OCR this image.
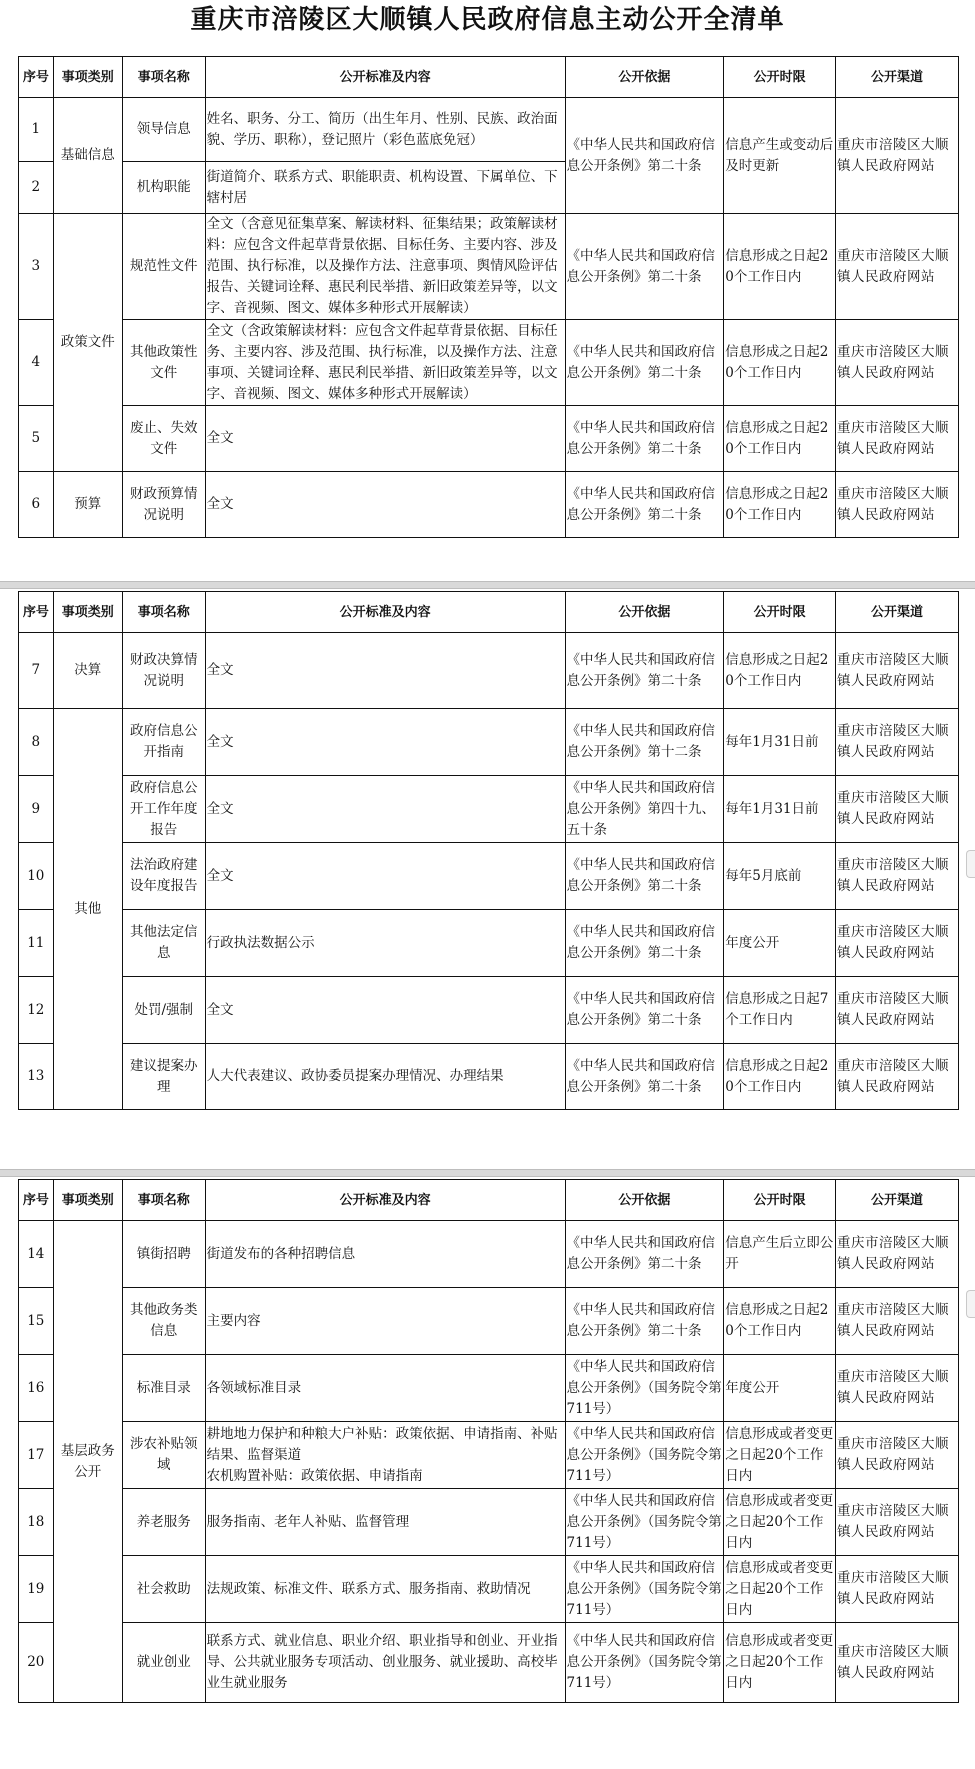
重庆市涪陵区大顺镇人民政府信息主动公开全清单
序号	事项类别	事项名称	公开标准及内容	公开依据	公开时限	公开渠道
1	基础信息	领导信息	姓名、职务、分工、简历（出生年月、性别、民族、政治面貌、学历、职称），登记照片（彩色蓝底免冠）	《中华人民共和国政府信息公开条例》第二十条	信息产生或变动后及时更新	重庆市涪陵区大顺镇人民政府网站
2		机构职能	街道简介、联系方式、职能职责、机构设置、下属单位、下辖村居			
3	政策文件	规范性文件	全文（含意见征集草案、解读材料、征集结果；政策解读材料：应包含文件起草背景依据、目标任务、主要内容、涉及范围、执行标准，以及操作方法、注意事项、舆情风险评估报告、关键词诠释、惠民利民举措、新旧政策差异等，以文字、音视频、图文、媒体多种形式开展解读）	《中华人民共和国政府信息公开条例》第二十条	信息形成之日起20个工作日内	重庆市涪陵区大顺镇人民政府网站
4		其他政策性文件	全文（含政策解读材料：应包含文件起草背景依据、目标任务、主要内容、涉及范围、执行标准，以及操作方法、注意事项、关键词诠释、惠民利民举措、新旧政策差异等，以文字、音视频、图文、媒体多种形式开展解读）	《中华人民共和国政府信息公开条例》第二十条	信息形成之日起20个工作日内	重庆市涪陵区大顺镇人民政府网站
5		废止、失效文件	全文	《中华人民共和国政府信息公开条例》第二十条	信息形成之日起20个工作日内	重庆市涪陵区大顺镇人民政府网站
6	预算	财政预算情况说明	全文	《中华人民共和国政府信息公开条例》第二十条	信息形成之日起20个工作日内	重庆市涪陵区大顺镇人民政府网站
序号	事项类别	事项名称	公开标准及内容	公开依据	公开时限	公开渠道
7	决算	财政决算情况说明	全文	《中华人民共和国政府信息公开条例》第二十条	信息形成之日起20个工作日内	重庆市涪陵区大顺镇人民政府网站
8	其他	政府信息公开指南	全文	《中华人民共和国政府信息公开条例》第十二条	每年1月31日前	重庆市涪陵区大顺镇人民政府网站
9		政府信息公开工作年度报告	全文	《中华人民共和国政府信息公开条例》第四十九、五十条	每年1月31日前	重庆市涪陵区大顺镇人民政府网站
10		法治政府建设年度报告	全文	《中华人民共和国政府信息公开条例》第二十条	每年5月底前	重庆市涪陵区大顺镇人民政府网站
11		其他法定信息	行政执法数据公示	《中华人民共和国政府信息公开条例》第二十条	年度公开	重庆市涪陵区大顺镇人民政府网站
12		处罚/强制	全文	《中华人民共和国政府信息公开条例》第二十条	信息形成之日起7个工作日内	重庆市涪陵区大顺镇人民政府网站
13		建议提案办理	人大代表建议、政协委员提案办理情况、办理结果	《中华人民共和国政府信息公开条例》第二十条	信息形成之日起20个工作日内	重庆市涪陵区大顺镇人民政府网站
序号	事项类别	事项名称	公开标准及内容	公开依据	公开时限	公开渠道
14	基层政务公开	镇街招聘	街道发布的各种招聘信息	《中华人民共和国政府信息公开条例》第二十条	信息产生后立即公开	重庆市涪陵区大顺镇人民政府网站
15		其他政务类信息	主要内容	《中华人民共和国政府信息公开条例》第二十条	信息形成之日起20个工作日内	重庆市涪陵区大顺镇人民政府网站
16		标准目录	各领域标准目录	《中华人民共和国政府信息公开条例》（国务院令第711号）	年度公开	重庆市涪陵区大顺镇人民政府网站
17		涉农补贴领域	耕地地力保护和种粮大户补贴：政策依据、申请指南、补贴结果、监督渠道
农机购置补贴：政策依据、申请指南	《中华人民共和国政府信息公开条例》（国务院令第711号）	信息形成或者变更之日起20个工作日内	重庆市涪陵区大顺镇人民政府网站
18		养老服务	服务指南、老年人补贴、监督管理	《中华人民共和国政府信息公开条例》（国务院令第711号）	信息形成或者变更之日起20个工作日内	重庆市涪陵区大顺镇人民政府网站
19		社会救助	法规政策、标准文件、联系方式、服务指南、救助情况	《中华人民共和国政府信息公开条例》（国务院令第711号）	信息形成或者变更之日起20个工作日内	重庆市涪陵区大顺镇人民政府网站
20		就业创业	联系方式、就业信息、职业介绍、职业指导和创业、开业指导、公共就业服务专项活动、创业服务、就业援助、高校毕业生就业服务	《中华人民共和国政府信息公开条例》（国务院令第711号）	信息形成或者变更之日起20个工作日内	重庆市涪陵区大顺镇人民政府网站
